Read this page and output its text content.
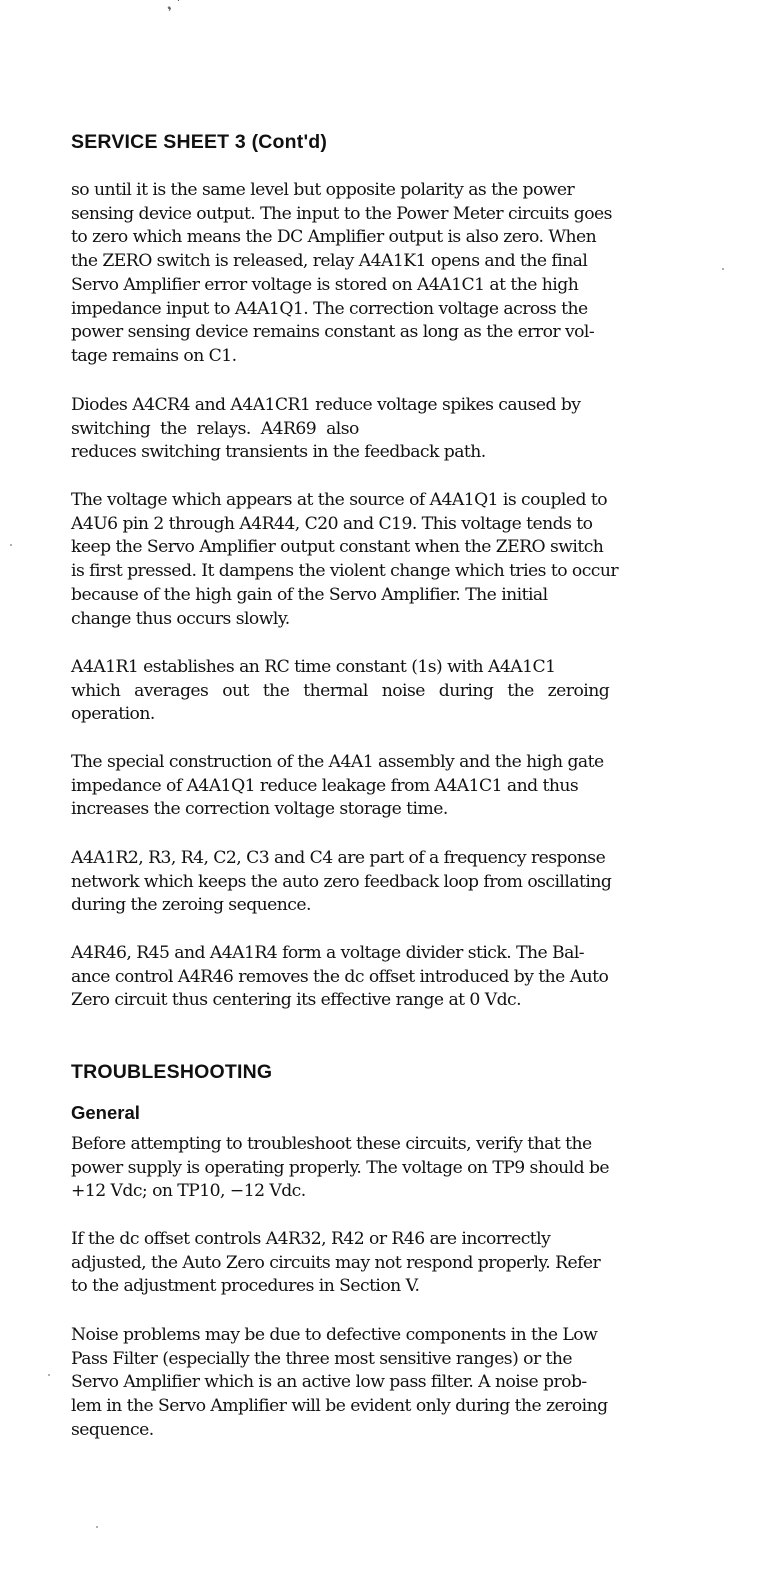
ຸ ˑ
SERVICE SHEET 3 (Cont'd)

so until it is the same level but opposite polarity as the power
sensing device output. The input to the Power Meter circuits goes
to zero which means the DC Amplifier output is also zero. When
the ZERO switch is released, relay A4A1K1 opens and the final
Servo Amplifier error voltage is stored on A4A1C1 at the high
impedance input to A4A1Q1. The correction voltage across the
power sensing device remains constant as long as the error vol-
tage remains on C1.

Diodes A4CR4 and A4A1CR1 reduce voltage spikes caused by
switching the relays. A4R69 also
reduces switching transients in the feedback path.

The voltage which appears at the source of A4A1Q1 is coupled to
A4U6 pin 2 through A4R44, C20 and C19. This voltage tends to
keep the Servo Amplifier output constant when the ZERO switch
is first pressed. It dampens the violent change which tries to occur
because of the high gain of the Servo Amplifier. The initial
change thus occurs slowly.

A4A1R1 establishes an RC time constant (1s) with A4A1C1
which averages out the thermal noise during the zeroing
operation.

The special construction of the A4A1 assembly and the high gate
impedance of A4A1Q1 reduce leakage from A4A1C1 and thus
increases the correction voltage storage time.

A4A1R2, R3, R4, C2, C3 and C4 are part of a frequency response
network which keeps the auto zero feedback loop from oscillating
during the zeroing sequence.

A4R46, R45 and A4A1R4 form a voltage divider stick. The Bal-
ance control A4R46 removes the dc offset introduced by the Auto
Zero circuit thus centering its effective range at 0 Vdc.

TROUBLESHOOTING
General

Before attempting to troubleshoot these circuits, verify that the
power supply is operating properly. The voltage on TP9 should be
+12 Vdc; on TP10, −12 Vdc.

If the dc offset controls A4R32, R42 or R46 are incorrectly
adjusted, the Auto Zero circuits may not respond properly. Refer
to the adjustment procedures in Section V.

Noise problems may be due to defective components in the Low
Pass Filter (especially the three most sensitive ranges) or the
Servo Amplifier which is an active low pass filter. A noise prob-
lem in the Servo Amplifier will be evident only during the zeroing
sequence.
